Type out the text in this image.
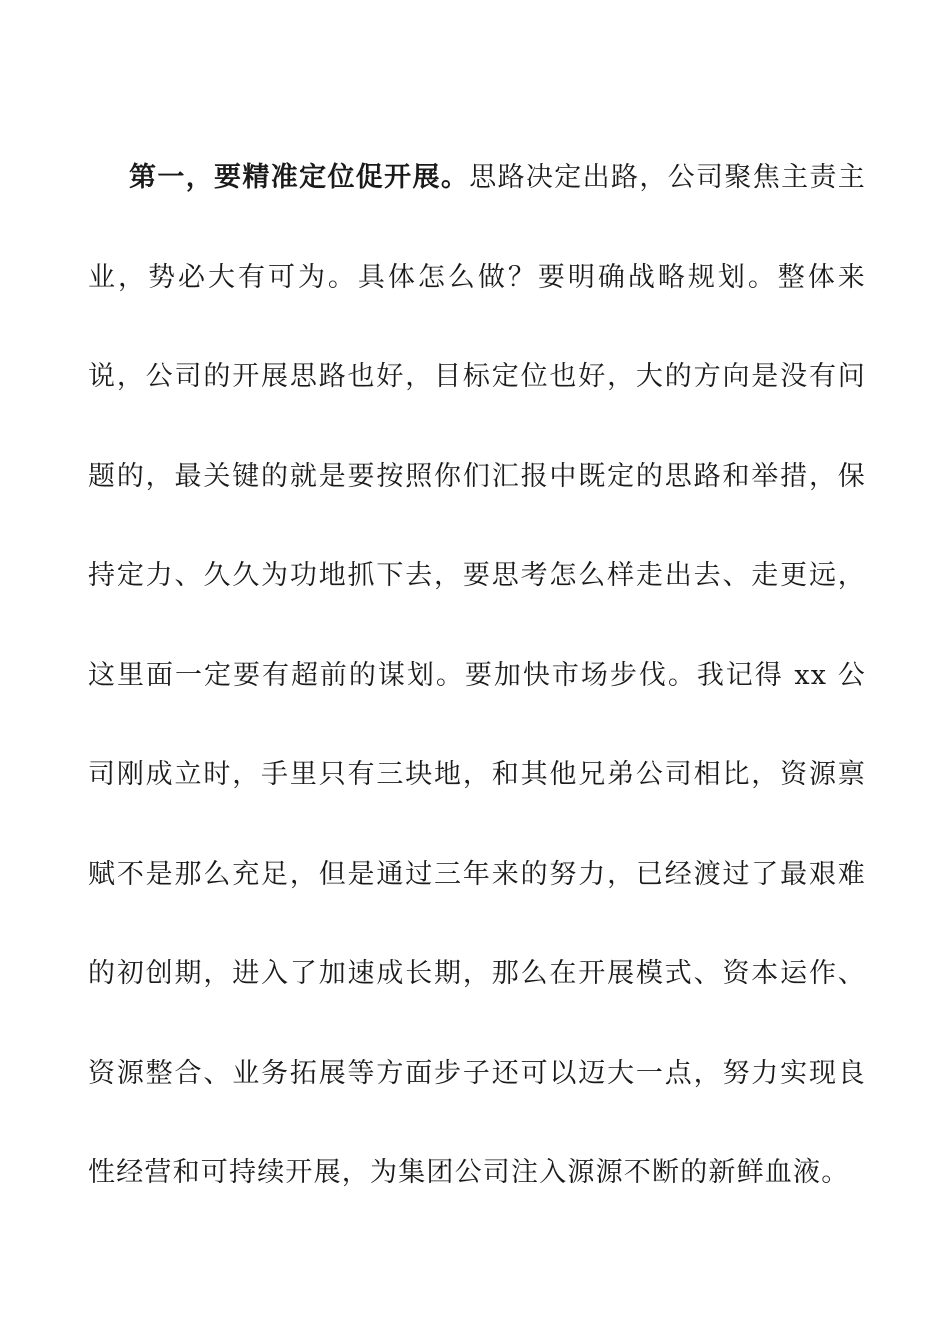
第一，要精准定位促开展。思路决定出路，公司聚焦主责主业，势必大有可为。具体怎么做？要明确战略规划。整体来说，公司的开展思路也好，目标定位也好，大的方向是没有问题的，最关键的就是要按照你们汇报中既定的思路和举措，保持定力、久久为功地抓下去，要思考怎么样走出去、走更远，这里面一定要有超前的谋划。要加快市场步伐。我记得 xx 公司刚成立时，手里只有三块地，和其他兄弟公司相比，资源禀赋不是那么充足，但是通过三年来的努力，已经渡过了最艰难的初创期，进入了加速成长期，那么在开展模式、资本运作、资源整合、业务拓展等方面步子还可以迈大一点，努力实现良性经营和可持续开展，为集团公司注入源源不断的新鲜血液。
